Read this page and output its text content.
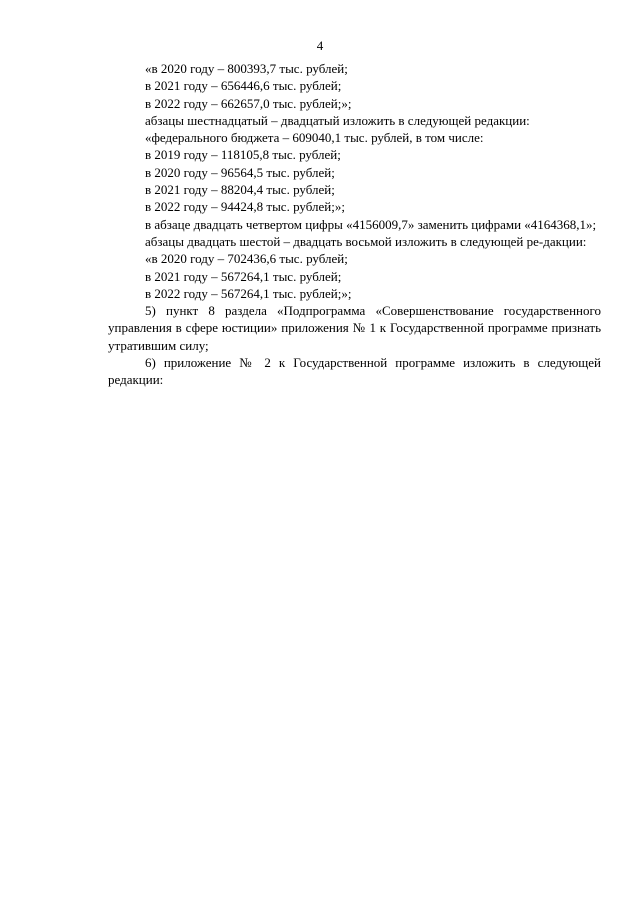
4

«в 2020 году – 800393,7 тыс. рублей;

в 2021 году – 656446,6 тыс. рублей;

в 2022 году – 662657,0 тыс. рублей;»;

абзацы шестнадцатый – двадцатый изложить в следующей редакции:

«федерального бюджета – 609040,1 тыс. рублей, в том числе:

в 2019 году – 118105,8 тыс. рублей;

в 2020 году – 96564,5 тыс. рублей;

в 2021 году – 88204,4 тыс. рублей;

в 2022 году – 94424,8 тыс. рублей;»;

в абзаце двадцать четвертом цифры «4156009,7» заменить цифрами «4164368,1»;

абзацы двадцать шестой – двадцать восьмой изложить в следующей ре-дакции:

«в 2020 году – 702436,6 тыс. рублей;

в 2021 году – 567264,1 тыс. рублей;

в 2022 году – 567264,1 тыс. рублей;»;

5) пункт 8 раздела «Подпрограмма «Совершенствование государственного управления в сфере юстиции» приложения № 1 к Государственной программе признать утратившим силу;

6) приложение № 2 к Государственной программе изложить в следующей редакции:
